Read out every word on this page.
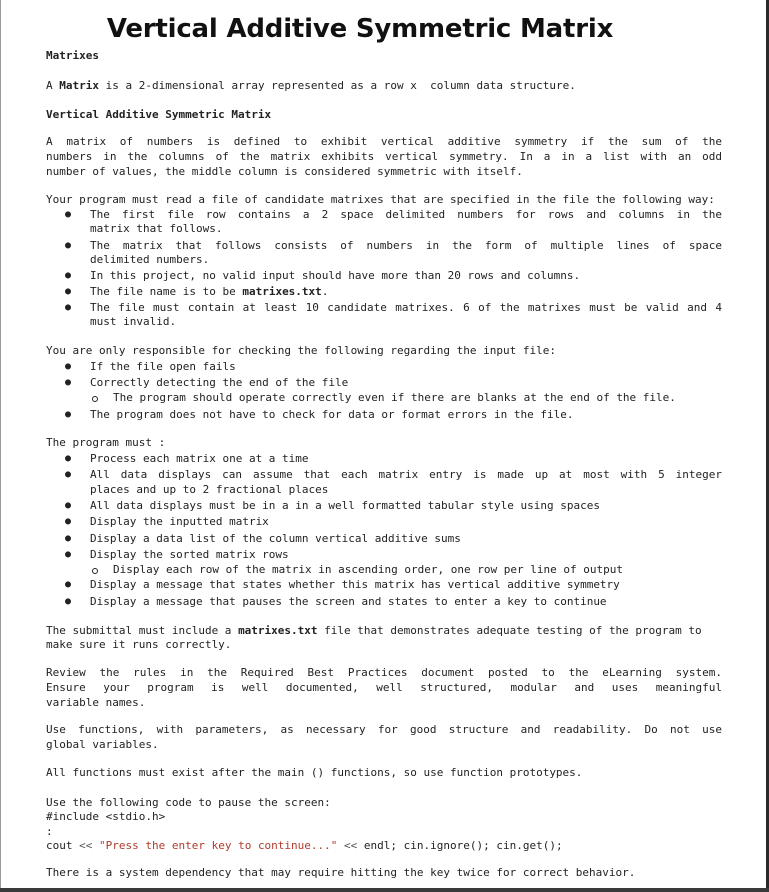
Vertical Additive Symmetric Matrix
Matrixes
A Matrix is a 2-dimensional array represented as a row x  column data structure.
Vertical Additive Symmetric Matrix
A matrix of numbers is defined to exhibit vertical additive symmetry if the sum of the
numbers in the columns of the matrix exhibits vertical symmetry. In a in a list with an odd
number of values, the middle column is considered symmetric with itself.
Your program must read a file of candidate matrixes that are specified in the file the following way:
● The first file row contains a 2 space delimited numbers for rows and columns in the
matrix that follows.
● The matrix that follows consists of numbers in the form of multiple lines of space
delimited numbers.
● In this project, no valid input should have more than 20 rows and columns.
● The file name is to be matrixes.txt.
● The file must contain at least 10 candidate matrixes. 6 of the matrixes must be valid and 4
must invalid.
You are only responsible for checking the following regarding the input file:
● If the file open fails
● Correctly detecting the end of the file
The program should operate correctly even if there are blanks at the end of the file.
● The program does not have to check for data or format errors in the file.
The program must :
● Process each matrix one at a time
● All data displays can assume that each matrix entry is made up at most with 5 integer
places and up to 2 fractional places
● All data displays must be in a in a well formatted tabular style using spaces
● Display the inputted matrix
● Display a data list of the column vertical additive sums
● Display the sorted matrix rows
Display each row of the matrix in ascending order, one row per line of output
● Display a message that states whether this matrix has vertical additive symmetry
● Display a message that pauses the screen and states to enter a key to continue
The submittal must include a matrixes.txt file that demonstrates adequate testing of the program to
make sure it runs correctly.
Review the rules in the Required Best Practices document posted to the eLearning system.
Ensure your program is well documented, well structured, modular and uses meaningful
variable names.
Use functions, with parameters, as necessary for good structure and readability. Do not use
global variables.
All functions must exist after the main () functions, so use function prototypes.
Use the following code to pause the screen:
#include <stdio.h>
:
cout << "Press the enter key to continue..." << endl; cin.ignore(); cin.get();
There is a system dependency that may require hitting the key twice for correct behavior.
